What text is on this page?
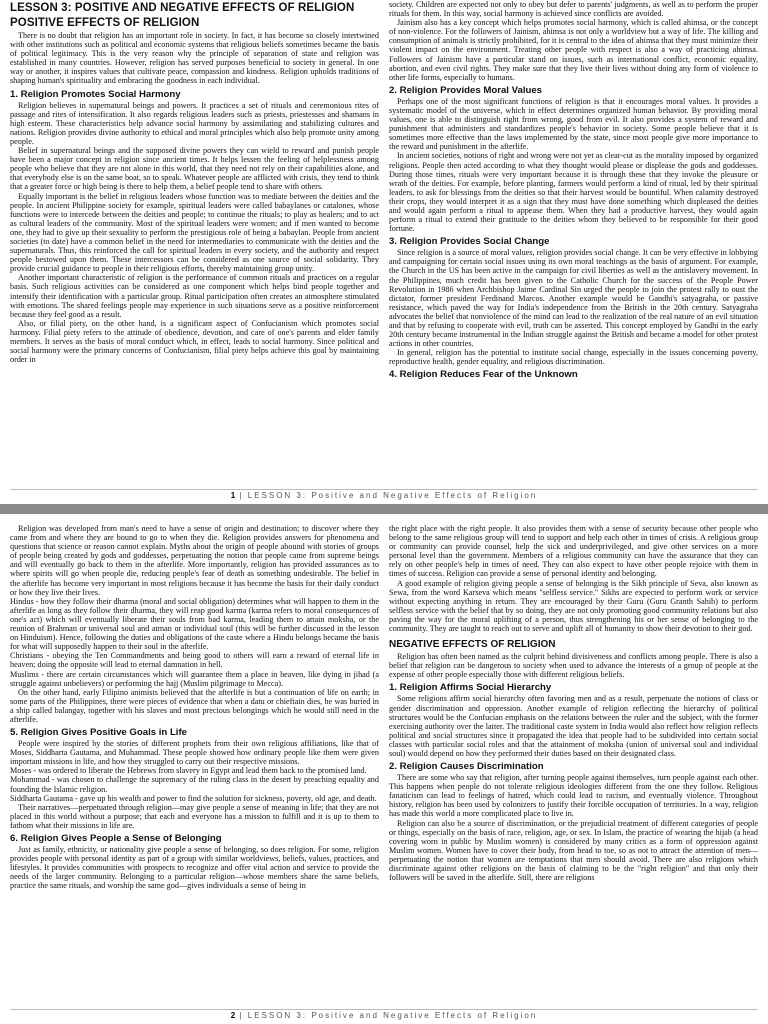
LESSON 3: POSITIVE AND NEGATIVE EFFECTS OF RELIGION
POSITIVE EFFECTS OF RELIGION

There is no doubt that religion has an important role in society. In fact, it has become so closely intertwined with other institutions such as political and economic systems that religious beliefs sometimes became the basis of political legitimacy. This is the very reason why the principle of separation of state and religion was established in many countries. However, religion has served purposes beneficial to society in general. In one way or another, it inspires values that cultivate peace, compassion and kindness. Religion upholds traditions of shaping human's spirituality and embracing the goodness in each individual.

1. Religion Promotes Social Harmony

Religion believes in supernatural beings and powers. It practices a set of rituals and ceremonious rites of passage and rites of intensification. It also regards religious leaders such as priests, priestesses and shamans in high esteem. These characteristics help advance social harmony by assimilating and stabilizing cultures and nations. Religion provides divine authority to ethical and moral principles which also help promote unity among people.

Belief in supernatural beings and the supposed divine powers they can wield to reward and punish people have been a major concept in religion since ancient times. It helps lessen the feeling of helplessness among people who believe that they are not alone in this world, that they need not rely on their capabilities alone, and that everybody else is on the same boat, so to speak. Whatever people are afflicted with crisis, they tend to think that a greater force or high being is there to help them, a belief people tend to share with others.

Equally important is the belief in religious leaders whose function was to mediate between the deities and the people. In ancient Philippine society for example, spiritual leaders were called babaylanes or catalones, whose functions were to intercede between the deities and people; to continue the rituals; to play as healers; and to act as cultural leaders of the community. Most of the spiritual leaders were women; and if men wanted to become one, they had to give up their sexuality to perform the prestigious role of being a babaylan. People from ancient societies (to date) have a common belief in the need for intermediaries to communicate with the deities and the supernaturals. Thus, this reinforced the call for spiritual leaders in every society, and the authority and respect people bestowed upon them. These intercessors can be considered as one source of social solidarity. They provide crucial guidance to people in their religious efforts, thereby maintaining group unity.

Another important characteristic of religion is the performance of common rituals and practices on a regular basis. Such religious activities can be considered as one component which helps bind people together and intensify their identification with a particular group. Ritual participation often creates an atmosphere stimulated with emotions. The shared feelings people may experience in such situations serve as a positive reinforcement because they feel good as a result.

Also, or filial piety, on the other hand, is a significant aspect of Confucianism which promotes social harmony. Filial piety refers to the attitude of obedience, devotion, and care of one's parents and elder family members. It serves as the basis of moral conduct which, in effect, leads to social harmony. Since political and social harmony were the primary concerns of Confucianism, filial piety helps achieve this goal by maintaining order in

society. Children are expected not only to obey but defer to parents' judgments, as well as to perform the proper rituals for them. In this way, social harmony is achieved since conflicts are avoided.

Jainism also has a key concept which helps promotes social harmony, which is called ahimsa, or the concept of non-violence. For the followers of Jainism, ahimsa is not only a worldview but a way of life. The killing and consumption of animals is strictly prohibited, for it is central to the idea of ahimsa that they must minimize their violent impact on the environment. Treating other people with respect is also a way of practicing ahimsa. Followers of Jainism have a particular stand on issues, such as international conflict, economic equality, abortion, and even civil rights. They make sure that they live their lives without doing any form of violence to other life forms, especially to humans.

2. Religion Provides Moral Values

Perhaps one of the most significant functions of religion is that it encourages moral values. It provides a systematic model of the universe, which in effect determines organized human behavior. By providing moral values, one is able to distinguish right from wrong, good from evil. It also provides a system of reward and punishment that administers and standardizes people's behavior in society. Some people believe that it is sometimes more effective than the laws implemented by the state, since most people give more importance to the reward and punishment in the afterlife.

In ancient societies, notions of right and wrong were not yet as clear-cut as the morality imposed by organized religions. People then acted according to what they thought would please or displease the gods and goddesses. During those times, rituals were very important because it is through these that they invoke the pleasure or wrath of the deities. For example, before planting, farmers would perform a kind of ritual, led by their spiritual leaders, to ask for blessings from the deities so that their harvest would be bountiful. When calamity destroyed their crops, they would interpret it as a sign that they must have done something which displeased the deities and would again perform a ritual to appease them. When they had a productive harvest, they would again perform a ritual to extend their gratitude to the deities whom they believed to be responsible for their good fortune.

3. Religion Provides Social Change

Since religion is a source of moral values, religion provides social change. It can be very effective in lobbying and campaigning for certain social issues using its own moral teachings as the basis of argument. For example, the Church in the US has been active in the campaign for civil liberties as well as the antislavery movement. In the Philippines, much credit has been given to the Catholic Church for the success of the People Power Revolution in 1986 when Archbishop Jaime Cardinal Sin urged the people to join the protest rally to oust the dictator, former president Ferdinand Marcos. Another example would be Gandhi's satyagraha, or passive resistance, which paved the way for India's independence from the British in the 20th century. Satyagraha advocates the belief that nonviolence of the mind can lead to the realization of the real nature of an evil situation and that by refusing to cooperate with evil, truth can be asserted. This concept employed by Gandhi in the early 20th century became instrumental in the Indian struggle against the British and became a model for other protest actions in other countries.

In general, religion has the potential to institute social change, especially in the issues concerning poverty, reproductive health, gender equality, and religious discrimination.

4. Religion Reduces Fear of the Unknown
1 | LESSON 3: Positive and Negative Effects of Religion

Religion was developed from man's need to have a sense of origin and destination; to discover where they came from and where they are bound to go to when they die. Religion provides answers for phenomena and questions that science or reason cannot explain. Myths about the origin of people abound with stories of groups of people being created by gods and goddesses, perpetuating the notion that people came from supreme beings and will eventually go back to them in the afterlife. More importantly, religion has provided assurances as to where spirits will go when people die, reducing people's fear of death as something undesirable. The belief in the afterlife has become very important in most religions because it has become the basis for their daily conduct or how they live their lives.

Hindus - how they follow their dharma (moral and social obligation) determines what will happen to them in the afterlife as long as they follow their dharma, they will reap good karma (karma refers to moral consequences of one's act) which will eventually liberate their souls from bad karma, leading them to attain moksha, or the reunion of Brahman or universal soul and atman or individual soul (this will be further discussed in the lesson on Hinduism). Hence, following the duties and obligations of the caste where a Hindu belongs became the basis for what will supposedly happen to their soul in the afterlife.

Christians - obeying the Ten Commandments and being good to others will earn a reward of eternal life in heaven; doing the opposite will lead to eternal damnation in hell.

Muslims - there are certain circumstances which will guarantee them a place in heaven, like dying in jihad (a struggle against unbelievers) or performing the hajj (Muslim pilgrimage to Mecca).

On the other hand, early Filipino animists believed that the afterlife is but a continuation of life on earth; in some parts of the Philippines, there were pieces of evidence that when a datu or chieftain dies, he was buried in a ship called balangay, together with his slaves and most precious belongings which he would still need in the afterlife.

5. Religion Gives Positive Goals in Life

People were inspired by the stories of different prophets from their own religious affiliations, like that of Moses, Siddharta Gautama, and Muhammad. These people showed how ordinary people like them were given important missions in life, and how they struggled to carry out their respective missions.

Moses - was ordered to liberate the Hebrews from slavery in Egypt and lead them back to the promised land.

Mohammad - was chosen to challenge the supremacy of the ruling class in the desert by preaching equality and founding the Islamic religion.

Siddharta Gautama - gave up his wealth and power to find the solution for sickness, poverty, old age, and death.

Their narratives—perpetuated through religion—may give people a sense of meaning in life; that they are not placed in this world without a purpose; that each and everyone has a mission to fulfill and it is up to them to fathom what their missions in life are.

6. Religion Gives People a Sense of Belonging

Just as family, ethnicity, or nationality give people a sense of belonging, so does religion. For some, religion provides people with personal identity as part of a group with similar worldviews, beliefs, values, practices, and lifestyles. It provides communities with prospects to recognize and offer vital action and service to provide the needs of the larger community. Belonging to a particular religion—whose members share the same beliefs, practice the same rituals, and worship the same god—gives individuals a sense of being in

the right place with the right people. It also provides them with a sense of security because other people who belong to the same religious group will tend to support and help each other in times of crisis. A religious group or community can provide counsel, help the sick and underprivileged, and give other services on a more personal level than the government. Members of a religious community can have the assurance that they can rely on other people's help in times of need. They can also expect to have other people rejoice with them in times of success. Religion can provide a sense of personal identity and belonging.

A good example of religion giving people a sense of belonging is the Sikh principle of Seva, also known as Sewa, from the word Karseva which means "selfless service." Sikhs are expected to perform work or service without expecting anything in return. They are encouraged by their Guru (Guru Granth Sahib) to perform selfless service with the belief that by so doing, they are not only promoting good community relations but also paving the way for the moral uplifting of a person, thus strengthening his or her sense of belonging to the community. They are taught to reach out to serve and uplift all of humanity to show their devotion to their god.

NEGATIVE EFFECTS OF RELIGION

Religion has often been named as the culprit behind divisiveness and conflicts among people. There is also a belief that religion can be dangerous to society when used to advance the interests of a group of people at the expense of other people especially those with different religious beliefs.

1. Religion Affirms Social Hierarchy

Some religions affirm social hierarchy often favoring men and as a result, perpetuate the notions of class or gender discrimination and oppression. Another example of religion reflecting the hierarchy of political structures would be the Confucian emphasis on the relations between the ruler and the subject, with the former exercising authority over the latter. The traditional caste system in India would also reflect how religion reflects political and social structures since it propagated the idea that people had to be subdivided into certain social classes with particular social roles and that the attainment of moksha (union of universal soul and individual soul) would depend on how they performed their duties based on their designated class.

2. Religion Causes Discrimination

There are some who say that religion, after turning people against themselves, turn people against each other. This happens when people do not tolerate religious ideologies different from the one they follow. Religious fanaticism can lead to feelings of hatred, which could lead to racism, and eventually violence. Throughout history, religion has been used by colonizers to justify their forcible occupation of territories. In a way, religion has made this world a more complicated place to live in.

Religion can also be a source of discrimination, or the prejudicial treatment of different categories of people or things, especially on the basis of race, religion, age, or sex. In Islam, the practice of wearing the hijab (a head covering worn in public by Muslim women) is considered by many critics as a form of oppression against Muslim women. Women have to cover their body, from head to toe, so as not to attract the attention of men—perpetuating the notion that women are temptations that men should avoid. There are also religions which discriminate against other religions on the basis of claiming to be the "right religion" and that only their followers will be saved in the afterlife. Still, there are religions

2 | LESSON 3: Positive and Negative Effects of Religion
